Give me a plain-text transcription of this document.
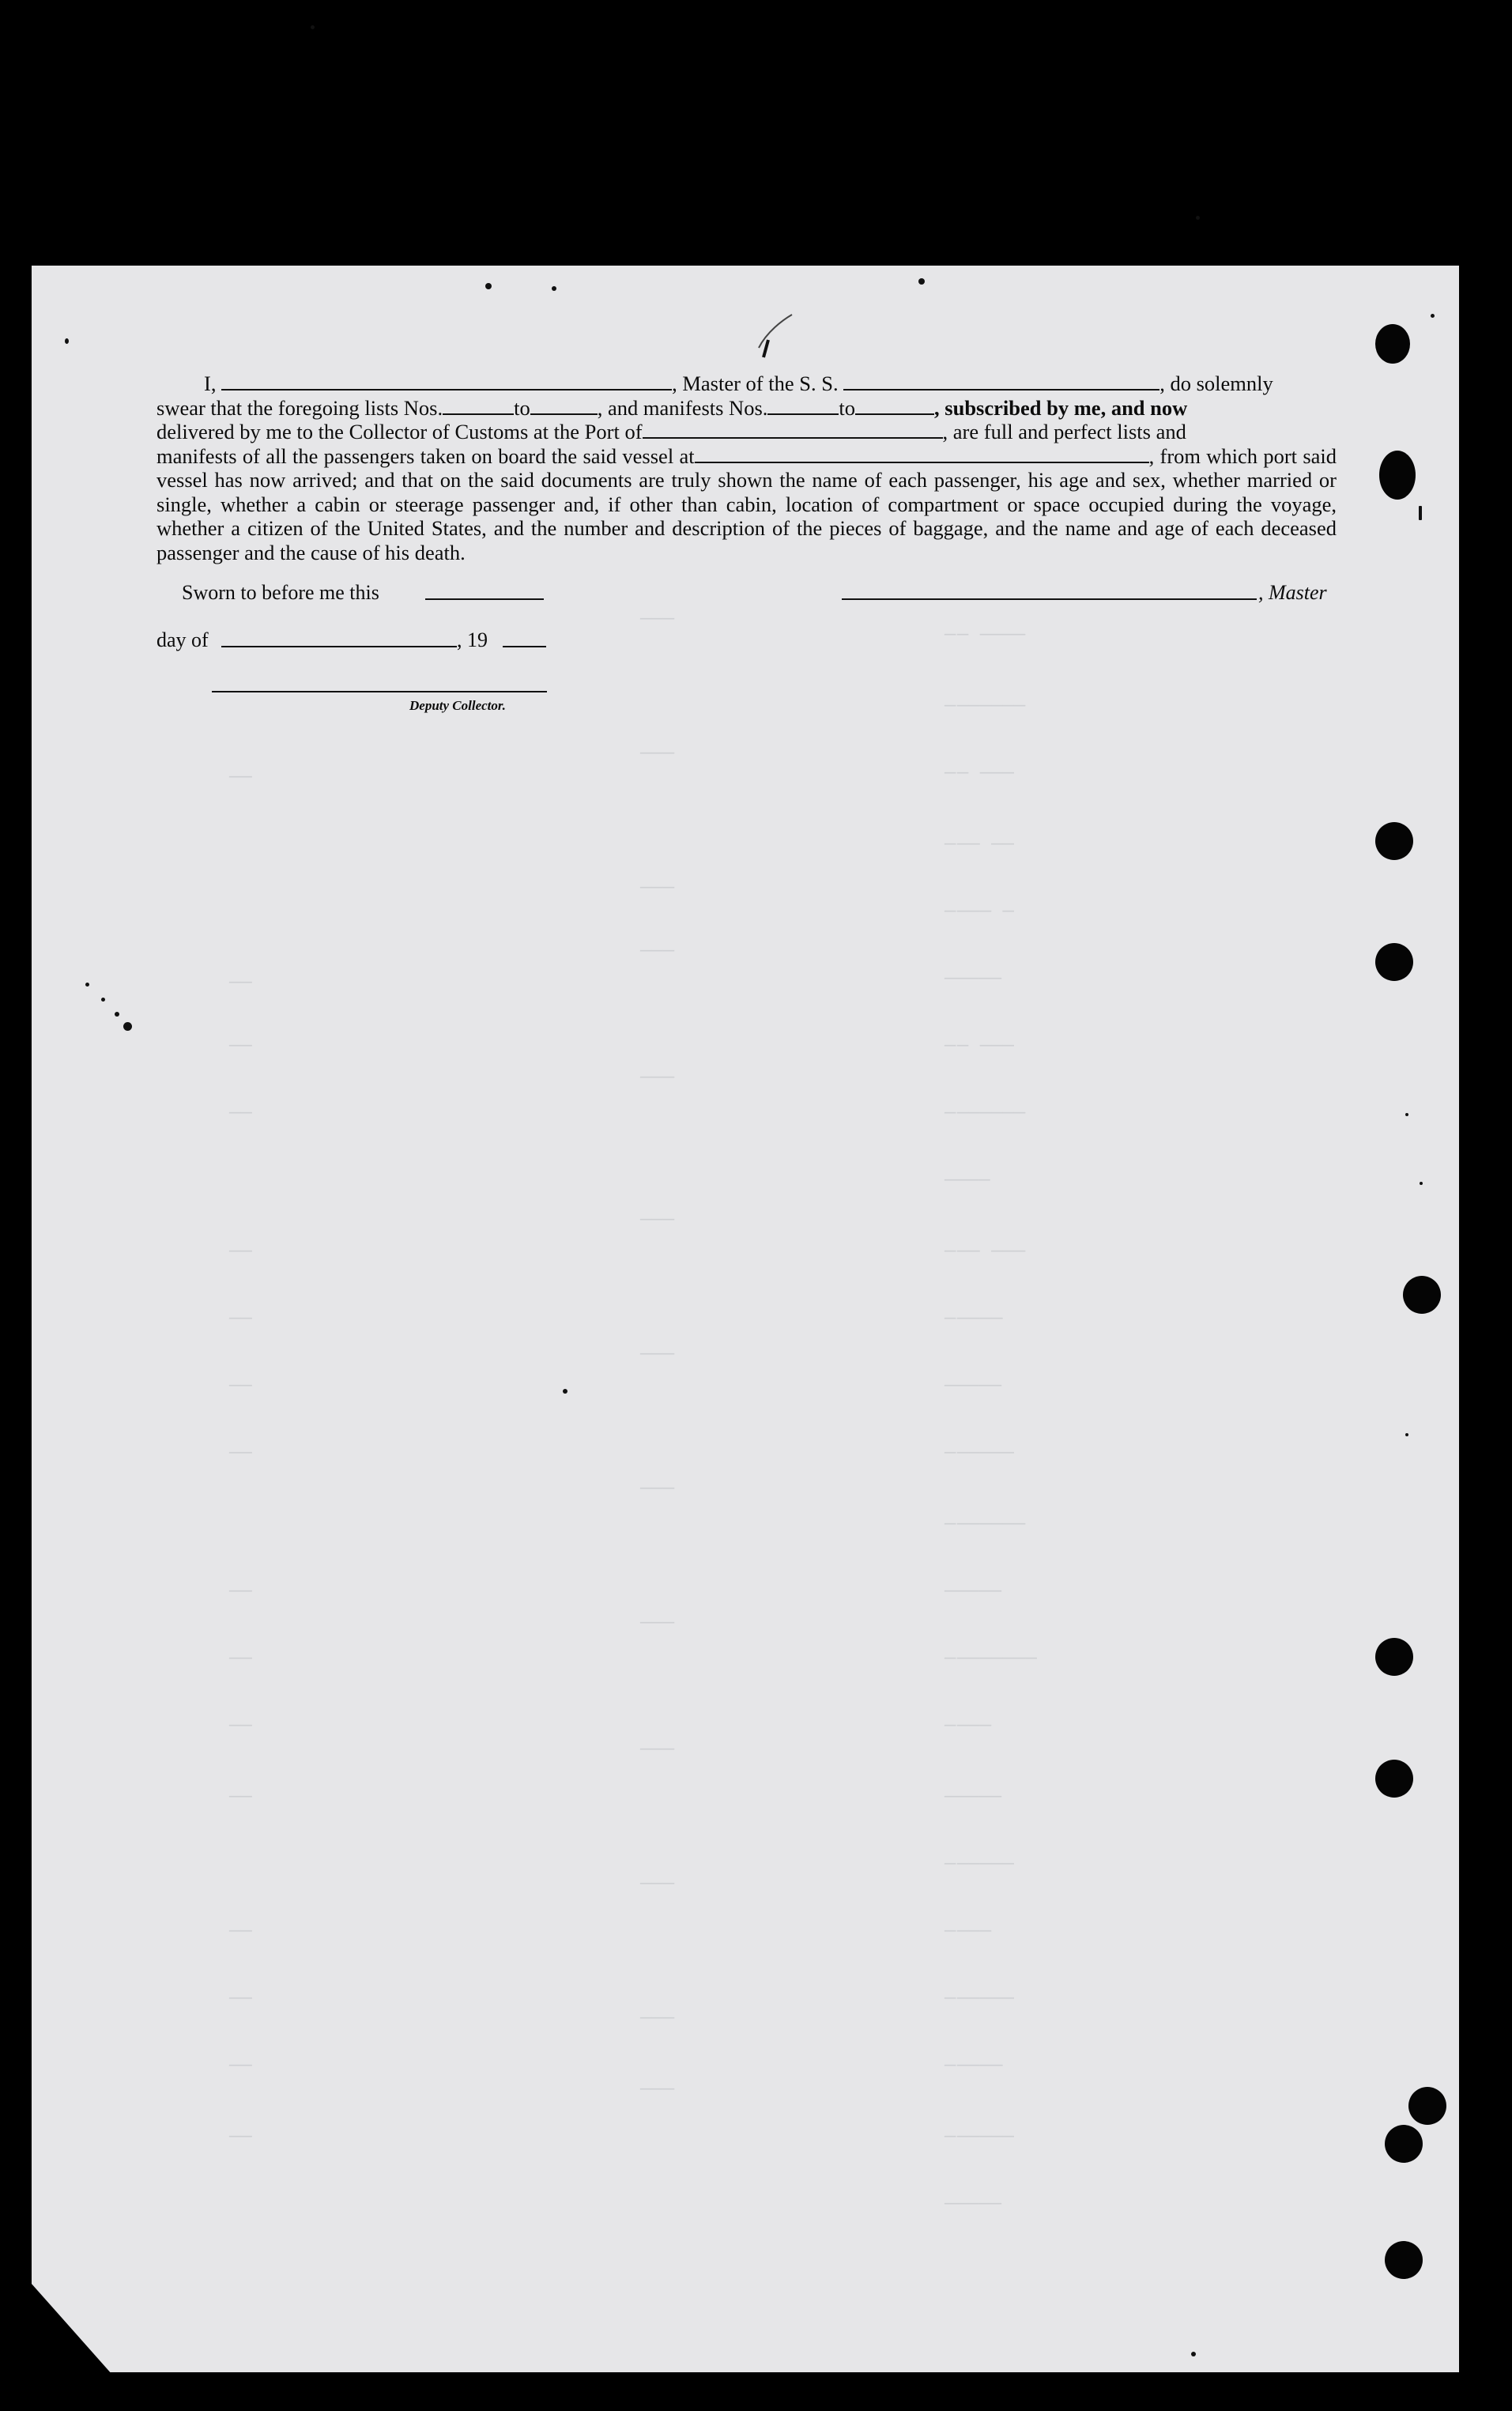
— — ————
— ——————
— — ———
— —— ——
— ——— —
—————
— — ———
— ——————
————
— —— ———
— ————
—————
— —————
— ——————
—————
— ———————
— ———
—————
— —————
— ———
— —————
— ————
— —————
—————
———
———
———
———
———
———
———
———
———
———
———
———
———
——
——
——
——
——
——
——
——
——
——
——
——
——
——
——
——
I,	, Master of the S. S.	, do solemnly
swear that the foregoing lists Nos.	to	, and manifests Nos.	to	, subscribed by me, and now
delivered by me to the Collector of Customs at the Port of	, are full and perfect lists and
manifests of all the passengers taken on board the said vessel at	, from which port said vessel has now arrived; and that on the said documents are truly shown the name of each passenger, his age and sex, whether married or single, whether a cabin or steerage passenger and, if other than cabin, location of compartment or space occupied during the voyage, whether a citizen of the United States, and the number and description of the pieces of baggage, and the name and age of each deceased passenger and the cause of his death.
Sworn to before me this	, Master
day of	, 19
Deputy Collector.
